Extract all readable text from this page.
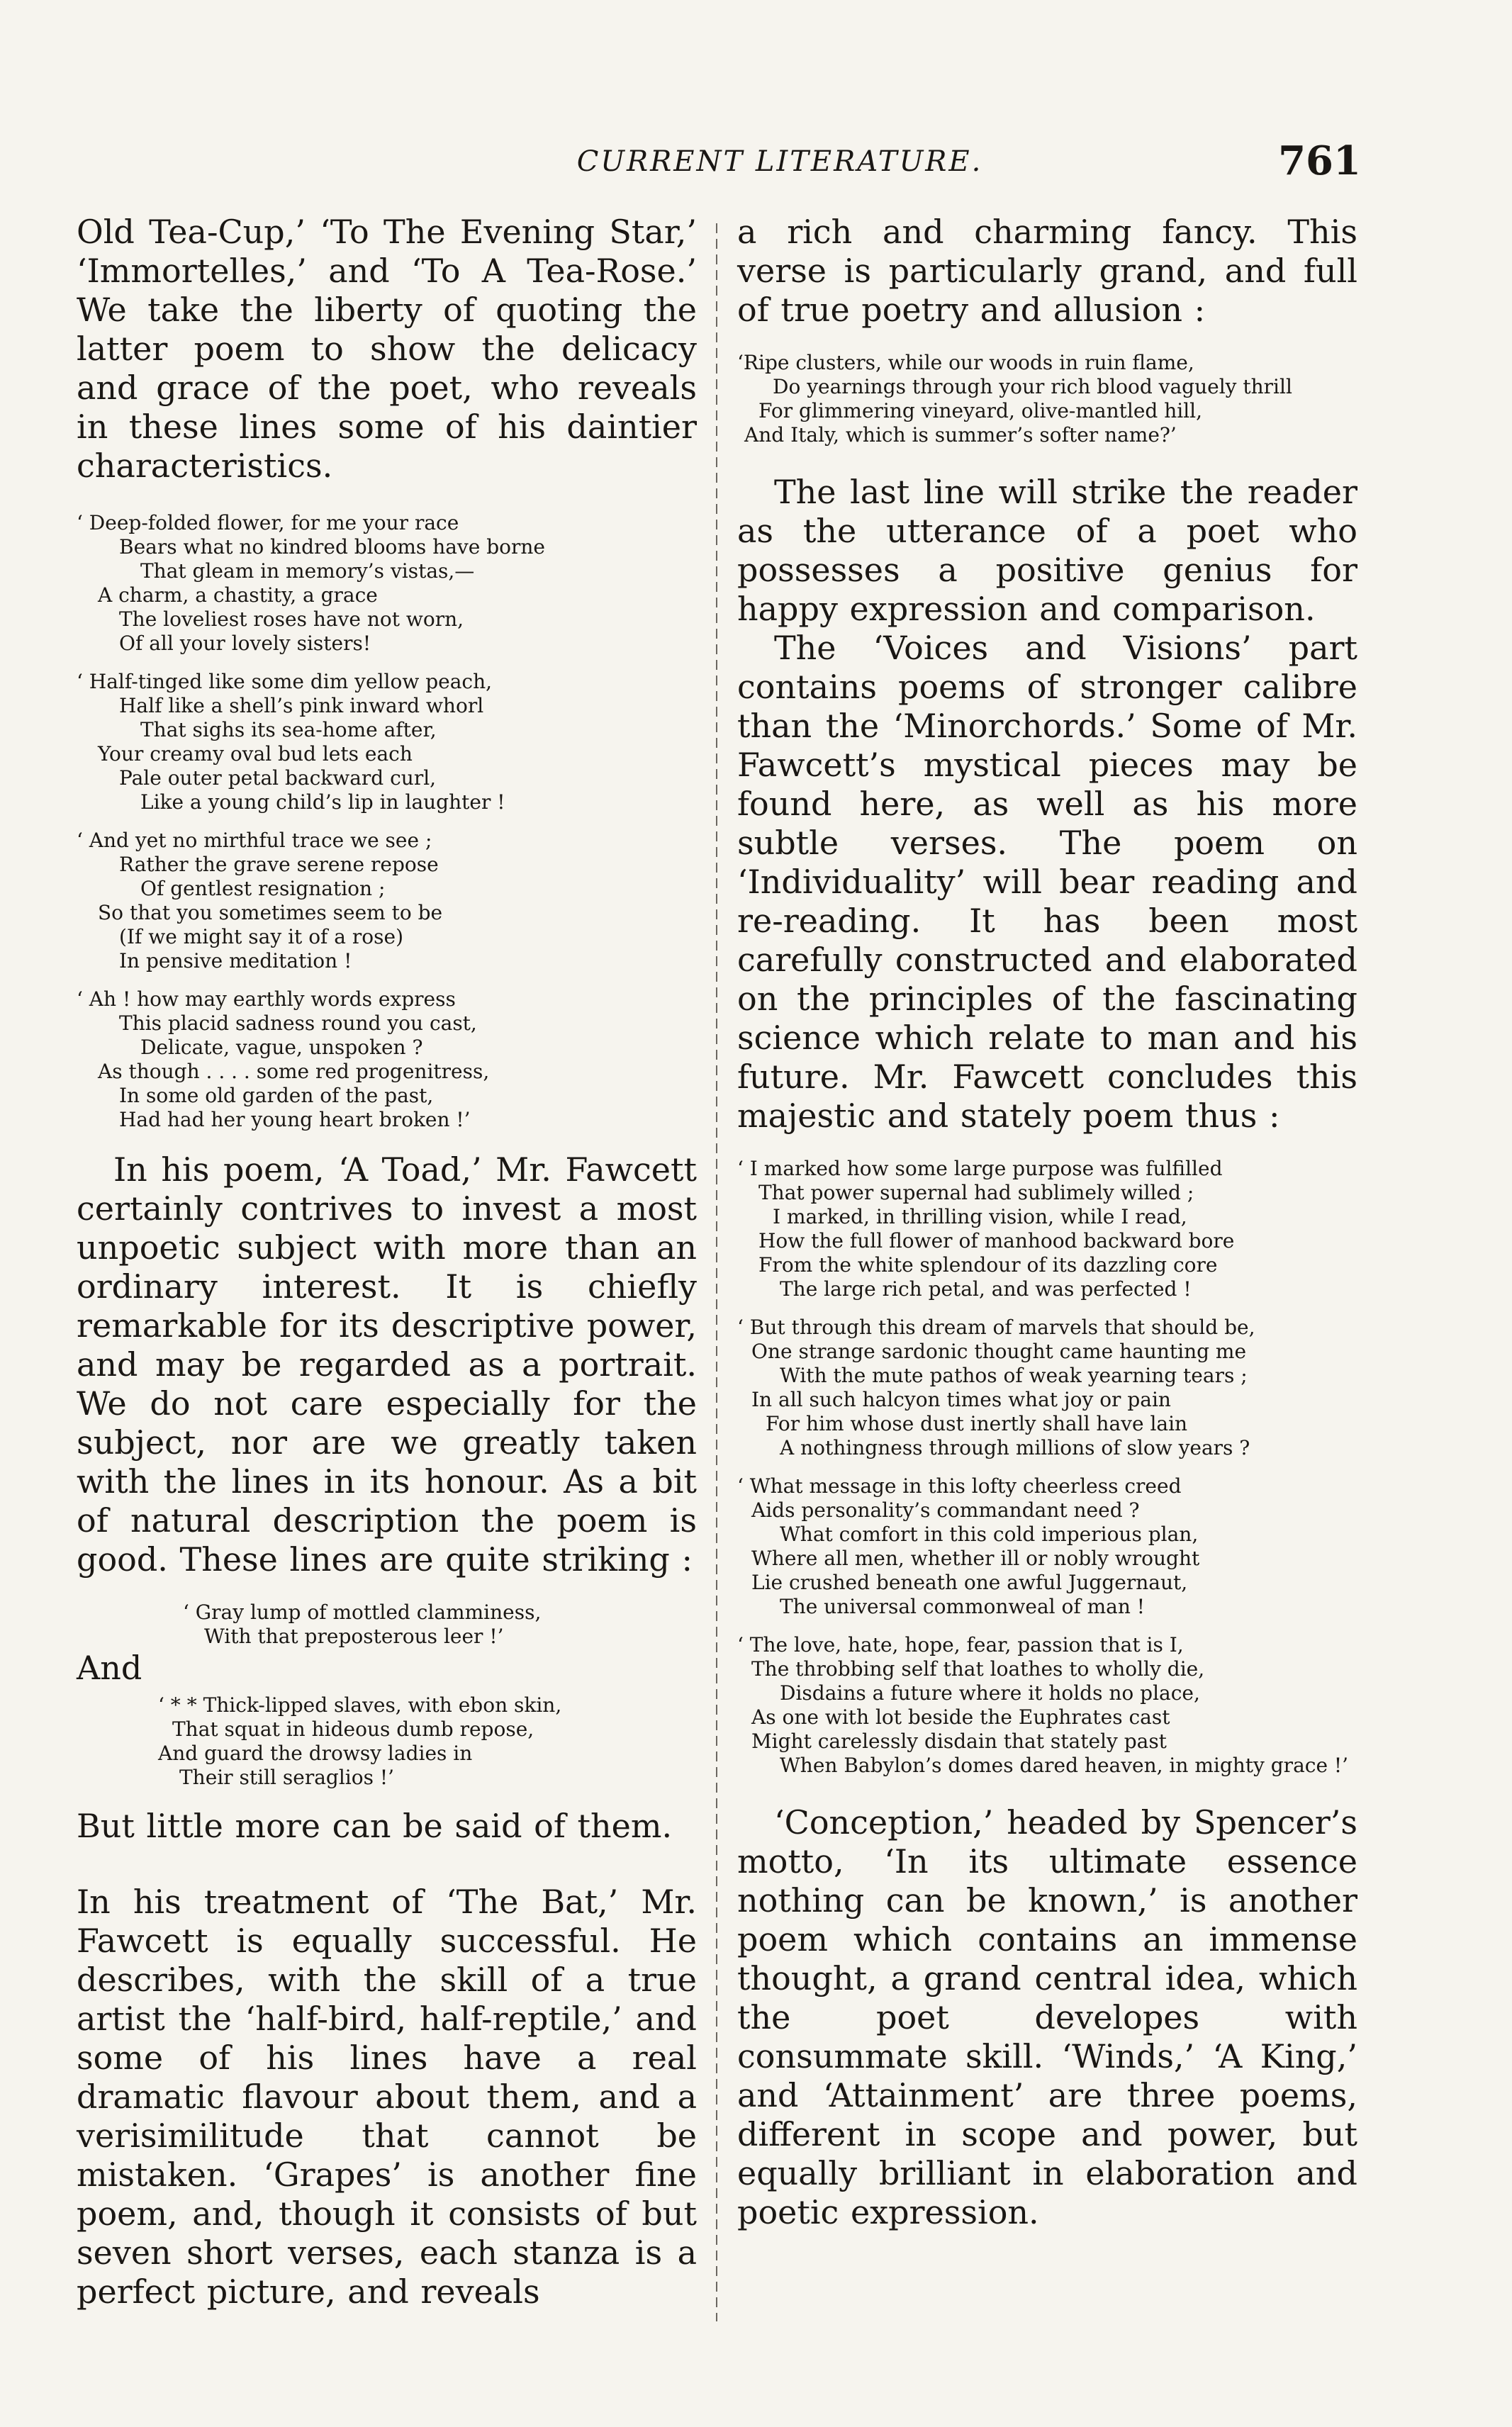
CURRENT LITERATURE.	761

Old Tea-Cup,’ ‘To The Evening Star,’ ‘Immortelles,’ and ‘To A Tea-Rose.’ We take the liberty of quoting the latter poem to show the delicacy and grace of the poet, who reveals in these lines some of his daintier characteristics.

‘ Deep-folded flower, for me your race
Bears what no kindred blooms have borne
That gleam in memory’s vistas,—
A charm, a chastity, a grace
The loveliest roses have not worn,
Of all your lovely sisters!
‘ Half-tinged like some dim yellow peach,
Half like a shell’s pink inward whorl
That sighs its sea-home after,
Your creamy oval bud lets each
Pale outer petal backward curl,
Like a young child’s lip in laughter !
‘ And yet no mirthful trace we see ;
Rather the grave serene repose
Of gentlest resignation ;
So that you sometimes seem to be
(If we might say it of a rose)
In pensive meditation !
‘ Ah ! how may earthly words express
This placid sadness round you cast,
Delicate, vague, unspoken ?
As though . . . . some red progenitress,
In some old garden of the past,
Had had her young heart broken !’

In his poem, ‘A Toad,’ Mr. Fawcett certainly contrives to invest a most unpoetic subject with more than an ordinary interest. It is chiefly remarkable for its descriptive power, and may be regarded as a portrait. We do not care especially for the subject, nor are we greatly taken with the lines in its honour. As a bit of natural description the poem is good. These lines are quite striking :

‘ Gray lump of mottled clamminess,
With that preposterous leer !’

And

‘ * * Thick-lipped slaves, with ebon skin,
That squat in hideous dumb repose,
And guard the drowsy ladies in
Their still seraglios !’

But little more can be said of them.

In his treatment of ‘The Bat,’ Mr. Fawcett is equally successful. He describes, with the skill of a true artist the ‘half-bird, half-reptile,’ and some of his lines have a real dramatic flavour about them, and a verisimilitude that cannot be mistaken. ‘Grapes’ is another fine poem, and, though it consists of but seven short verses, each stanza is a perfect picture, and reveals

a rich and charming fancy. This verse is particularly grand, and full of true poetry and allusion :

‘Ripe clusters, while our woods in ruin flame,
Do yearnings through your rich blood vaguely thrill
For glimmering vineyard, olive-mantled hill,
And Italy, which is summer’s softer name?’

The last line will strike the reader as the utterance of a poet who possesses a positive genius for happy expression and comparison.

The ‘Voices and Visions’ part contains poems of stronger calibre than the ‘Minorchords.’ Some of Mr. Fawcett’s mystical pieces may be found here, as well as his more subtle verses. The poem on ‘Individuality’ will bear reading and re-reading. It has been most carefully constructed and elaborated on the principles of the fascinating science which relate to man and his future. Mr. Fawcett concludes this majestic and stately poem thus :

‘ I marked how some large purpose was fulfilled
That power supernal had sublimely willed ;
I marked, in thrilling vision, while I read,
How the full flower of manhood backward bore
From the white splendour of its dazzling core
The large rich petal, and was perfected !
‘ But through this dream of marvels that should be,
One strange sardonic thought came haunting me
With the mute pathos of weak yearning tears ;
In all such halcyon times what joy or pain
For him whose dust inertly shall have lain
A nothingness through millions of slow years ?
‘ What message in this lofty cheerless creed
Aids personality’s commandant need ?
What comfort in this cold imperious plan,
Where all men, whether ill or nobly wrought
Lie crushed beneath one awful Juggernaut,
The universal commonweal of man !
‘ The love, hate, hope, fear, passion that is I,
The throbbing self that loathes to wholly die,
Disdains a future where it holds no place,
As one with lot beside the Euphrates cast
Might carelessly disdain that stately past
When Babylon’s domes dared heaven, in mighty grace !’

‘Conception,’ headed by Spencer’s motto, ‘In its ultimate essence nothing can be known,’ is another poem which contains an immense thought, a grand central idea, which the poet developes with consummate skill. ‘Winds,’ ‘A King,’ and ‘Attainment’ are three poems, different in scope and power, but equally brilliant in elaboration and poetic expression.
